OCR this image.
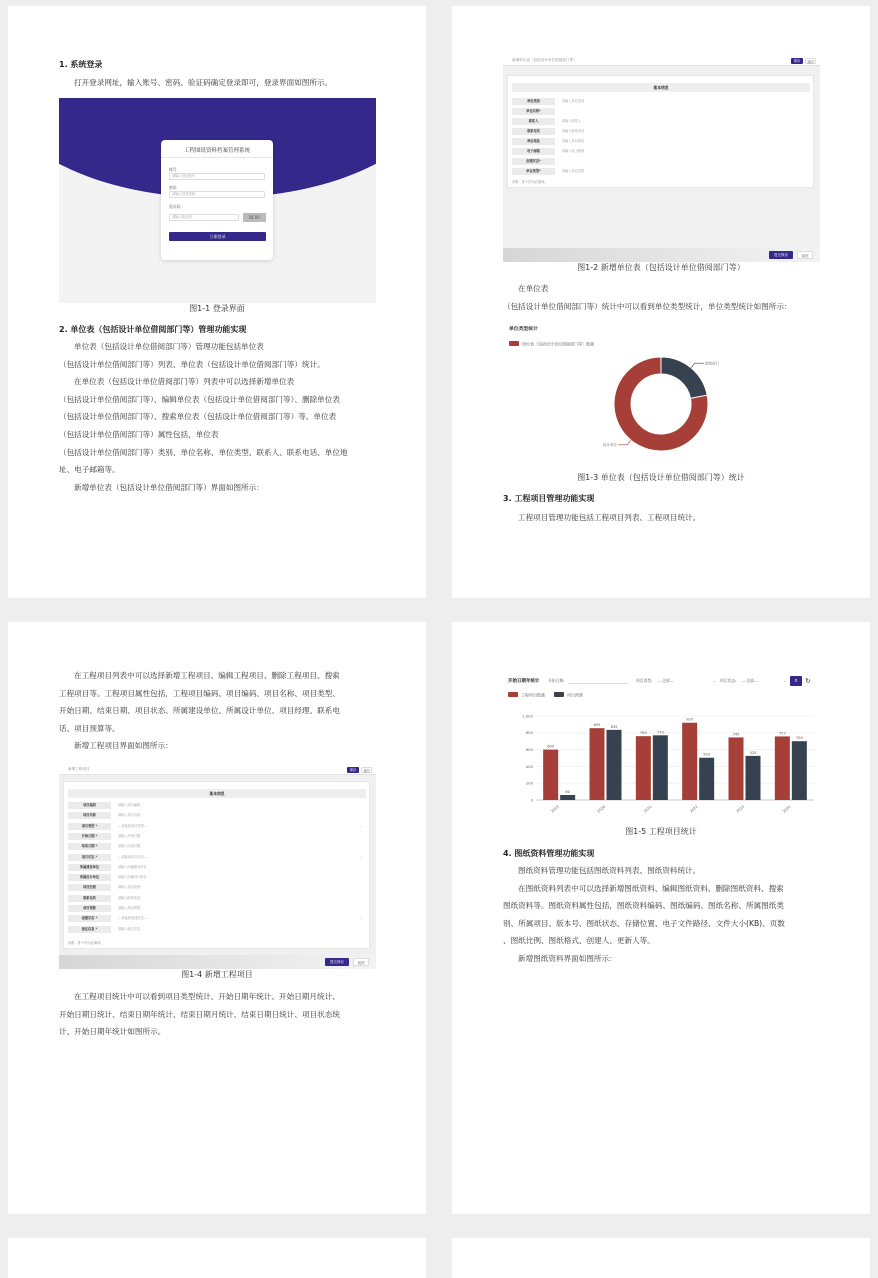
1. 系统登录
打开登录网址，输入账号、密码、验证码确定登录即可，登录界面如图所示。
工程图纸资料档案管理系统
账号
请输入登录账号
密码
请输入登录密码
验证码
请输入验证码	BCXP
立即登录
图1-1 登录界面
2. 单位表（包括设计单位借阅部门等）管理功能实现
单位表（包括设计单位借阅部门等）管理功能包括单位表
（包括设计单位借阅部门等）列表、单位表（包括设计单位借阅部门等）统计。
在单位表（包括设计单位借阅部门等）列表中可以选择新增单位表
（包括设计单位借阅部门等）、编辑单位表（包括设计单位借阅部门等）、删除单位表
（包括设计单位借阅部门等）、搜索单位表（包括设计单位借阅部门等）等。单位表
（包括设计单位借阅部门等）属性包括，单位表
（包括设计单位借阅部门等）类别、单位名称、单位类型、联系人、联系电话、单位地
址、电子邮箱等。
新增单位表（包括设计单位借阅部门等）界面如图所示：
新增单位表（包括设计单位借阅部门等）	保存	返回
基本信息
单位类别	请输入单位类别
单位名称*
联系人	请输入联系人
联系电话	请输入联系电话
单位地址	请输入单位地址
电子邮箱	请输入电子邮箱
创建状态*
单位类型*	请输入单位类型
说明：带 * 的为必填项。
提交保存	返回
图1-2 新增单位表（包括设计单位借阅部门等）
在单位表
（包括设计单位借阅部门等）统计中可以看到单位类型统计，单位类型统计如图所示：
单位类型统计
单位表（包括设计单位借阅部门等）数量
借阅部门
设计单位
图1-3 单位表（包括设计单位借阅部门等）统计
3. 工程项目管理功能实现
工程项目管理功能包括工程项目列表、工程项目统计。
在工程项目列表中可以选择新增工程项目、编辑工程项目、删除工程项目、搜索
工程项目等。工程项目属性包括，工程项目编码、项目编码、项目名称、项目类型、
开始日期、结束日期、项目状态、所属建设单位、所属设计单位、项目经理、联系电
话、项目预算等。
新增工程项目界面如图所示：
新增工程项目	保存	返回
基本信息
项目编码	请输入项目编码
项目名称	请输入项目名称
项目类型 *	---请选择项目类型---	⌄
开始日期 *	请输入开始日期
结束日期 *	请输入结束日期
项目状态 *	---请选择项目状态---	⌄
所属建设单位	请输入所属建设单位
所属设计单位	请输入所属设计单位
项目经理	请输入项目经理
联系电话	请输入联系电话
项目预算	请输入项目预算
创建状态 *	---请选择创建状态---	⌄
备注信息 *	请输入备注信息
说明：带 * 的为必填项。
提交保存	返回
图1-4 新增工程项目
在工程项目统计中可以看到项目类型统计、开始日期年统计、开始日期月统计、
开始日期日统计、结束日期年统计、结束日期月统计、结束日期日统计、项目状态统
计、开始日期年统计如图所示。
开始日期年统计 开始日期:	项目类型: ---全部---	⌄ 项目状态: ---全部---	⌄	⌕	↻
工程项目数量	项目预算
0
200
400
600
800
1,000
2019
600
60
2020
855	835
2021
760	770
2022
920
503
2023
745
525
2024
757
700
图1-5 工程项目统计
4. 图纸资料管理功能实现
图纸资料管理功能包括图纸资料列表、图纸资料统计。
在图纸资料列表中可以选择新增图纸资料、编辑图纸资料、删除图纸资料、搜索
图纸资料等。图纸资料属性包括，图纸资料编码、图纸编码、图纸名称、所属图纸类
别、所属项目、版本号、图纸状态、存储位置、电子文件路径、文件大小(KB)、页数
、图纸比例、图纸格式、创建人、更新人等。
新增图纸资料界面如图所示：
